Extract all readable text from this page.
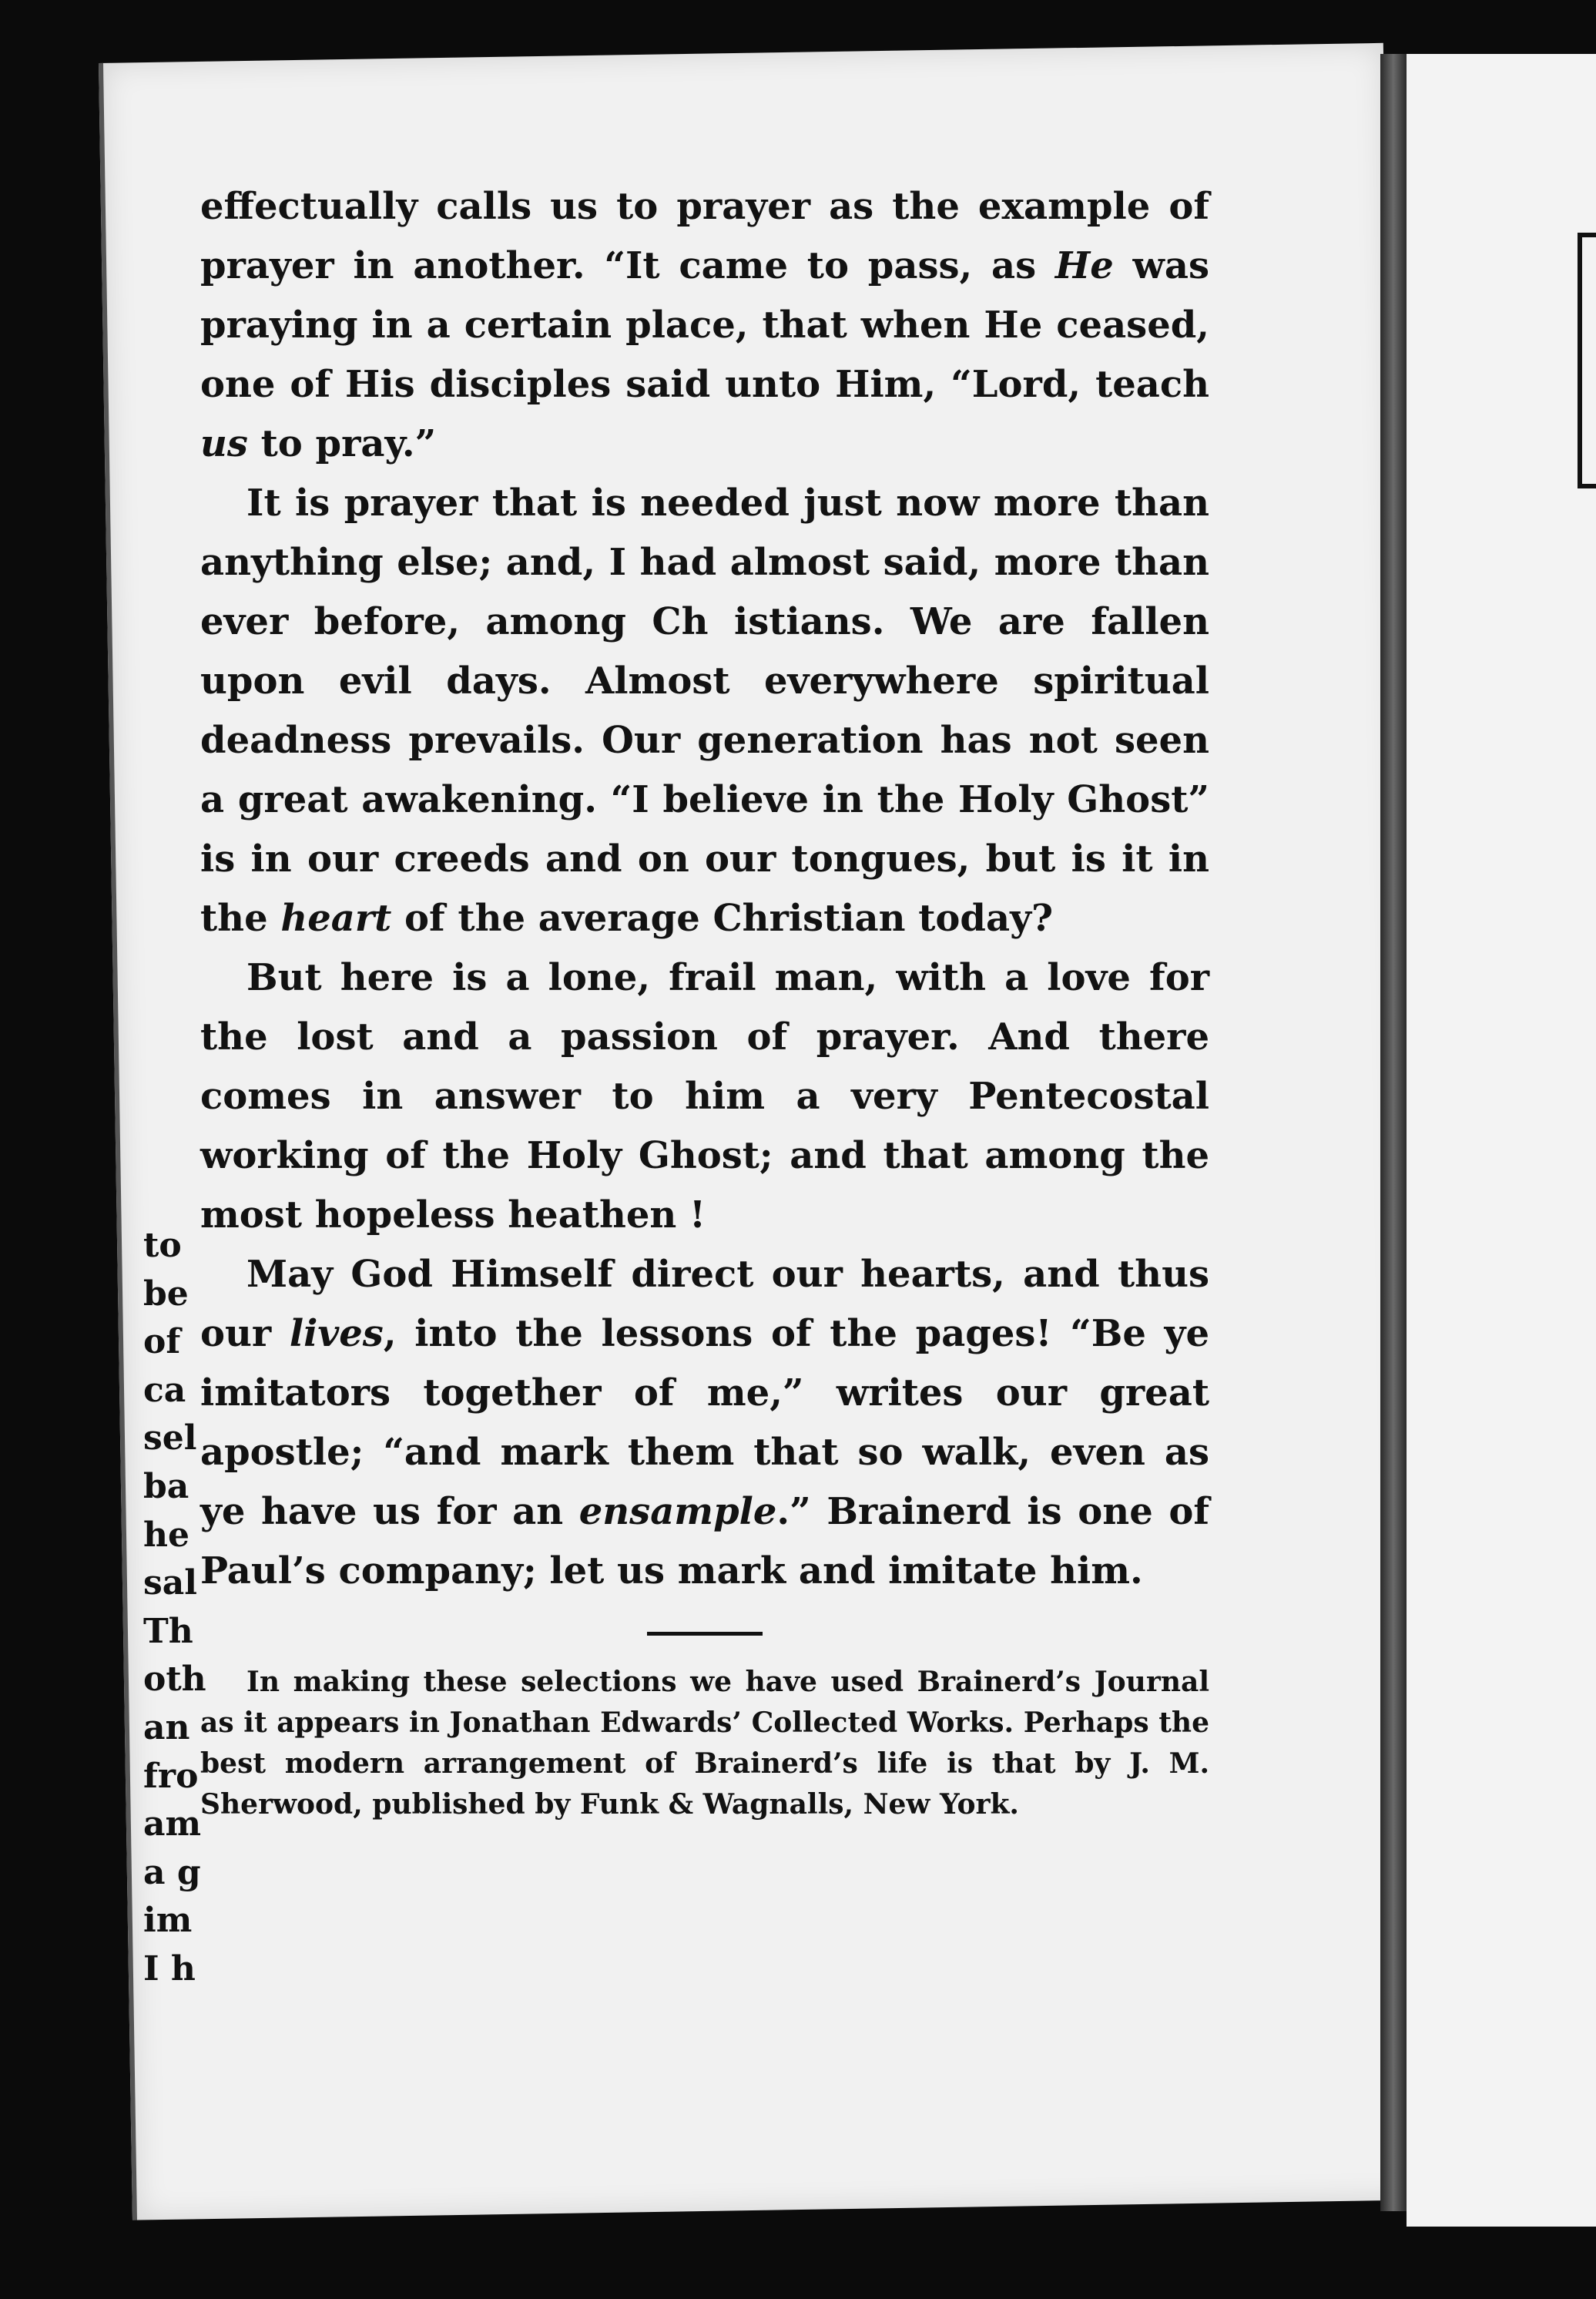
to
be
of
ca
sel
ba
he
sal
Th
oth
an
fro
am
a g
im
I h

effectually calls us to prayer as the example of prayer in another. “It came to pass, as He was praying in a certain place, that when He ceased, one of His disciples said unto Him, “Lord, teach us to pray.”

It is prayer that is needed just now more than anything else; and, I had almost said, more than ever before, among Ch istians. We are fallen upon evil days. Almost everywhere spiritual deadness prevails. Our generation has not seen a great awakening. “I believe in the Holy Ghost” is in our creeds and on our tongues, but is it in the heart of the average Christian today?

But here is a lone, frail man, with a love for the lost and a passion of prayer. And there comes in answer to him a very Pentecostal working of the Holy Ghost; and that among the most hopeless heathen !

May God Himself direct our hearts, and thus our lives, into the lessons of the pages! “Be ye imitators together of me,” writes our great apostle; “and mark them that so walk, even as ye have us for an ensample.” Brainerd is one of Paul’s company; let us mark and imitate him.

In making these selections we have used Brainerd’s Journal as it appears in Jonathan Edwards’ Collected Works. Perhaps the best modern arrangement of Brainerd’s life is that by J. M. Sherwood, published by Funk & Wagnalls, New York.
